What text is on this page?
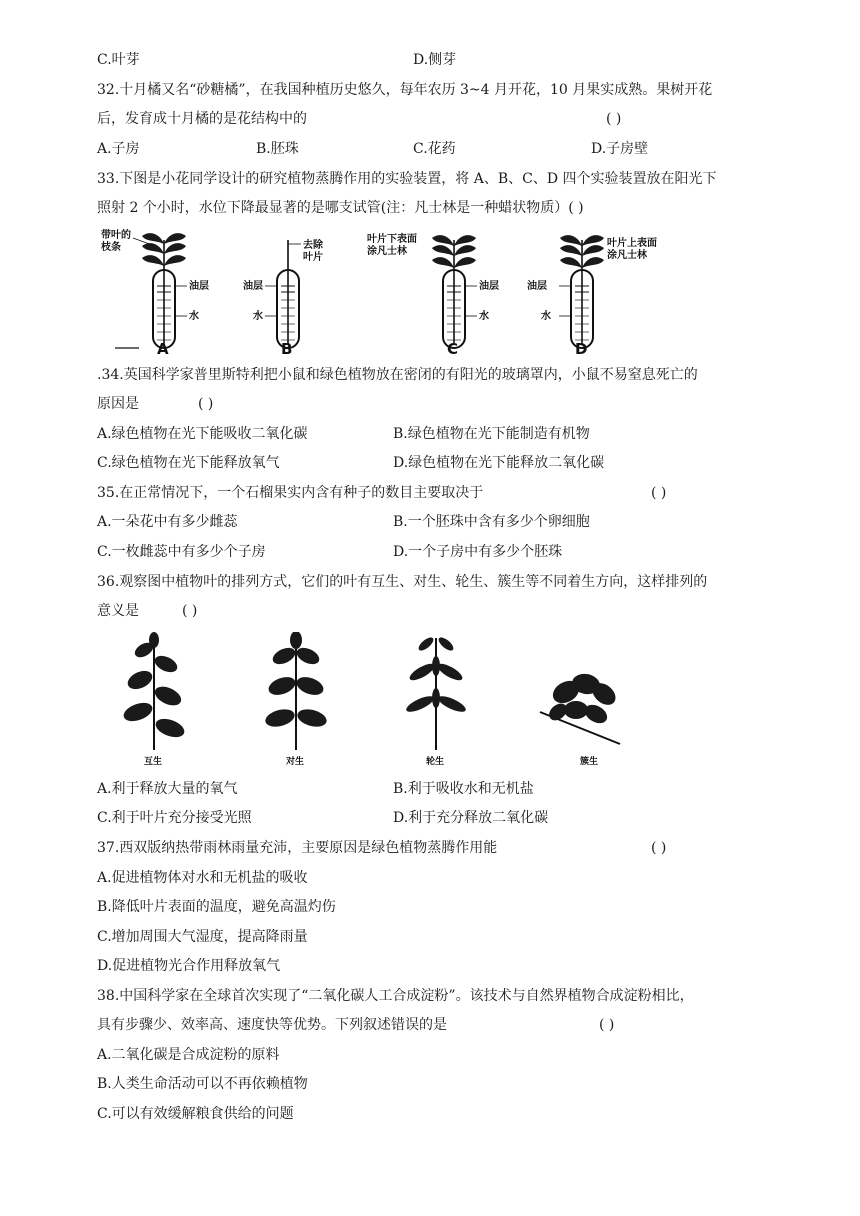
C.叶芽	D.侧芽
32.十月橘又名“砂糖橘”，在我国种植历史悠久，每年农历 3~4 月开花，10 月果实成熟。果树开花
后，发育成十月橘的是花结构中的	( )
A.子房	B.胚珠	C.花药	D.子房壁
33.下图是小花同学设计的研究植物蒸腾作用的实验装置，将 A、B、C、D 四个实验装置放在阳光下
照射 2 个小时，水位下降最显著的是哪支试管(注：凡士林是一种蜡状物质）( )
带叶的
枝条
油层
水
A
去除
叶片
油层
水
B
叶片下表面
涂凡士林
油层
水
C
叶片上表面
涂凡士林
油层
水
D
.34.英国科学家普里斯特利把小鼠和绿色植物放在密闭的有阳光的玻璃罩内，小鼠不易窒息死亡的
原因是	( )
A.绿色植物在光下能吸收二氧化碳	B.绿色植物在光下能制造有机物
C.绿色植物在光下能释放氧气	D.绿色植物在光下能释放二氧化碳
35.在正常情况下，一个石榴果实内含有种子的数目主要取决于	( )
A.一朵花中有多少雌蕊	B.一个胚珠中含有多少个卵细胞
C.一枚雌蕊中有多少个子房	D.一个子房中有多少个胚珠
36.观察图中植物叶的排列方式，它们的叶有互生、对生、轮生、簇生等不同着生方向，这样排列的
意义是	( )
互生	对生	轮生	簇生
A.利于释放大量的氧气	B.利于吸收水和无机盐
C.利于叶片充分接受光照	D.利于充分释放二氧化碳
37.西双版纳热带雨林雨量充沛，主要原因是绿色植物蒸腾作用能	( )
A.促进植物体对水和无机盐的吸收
B.降低叶片表面的温度，避免高温灼伤
C.增加周围大气湿度，提高降雨量
D.促进植物光合作用释放氧气
38.中国科学家在全球首次实现了“二氧化碳人工合成淀粉”。该技术与自然界植物合成淀粉相比，
具有步骤少、效率高、速度快等优势。下列叙述错误的是	( )
A.二氧化碳是合成淀粉的原料
B.人类生命活动可以不再依赖植物
C.可以有效缓解粮食供给的问题
